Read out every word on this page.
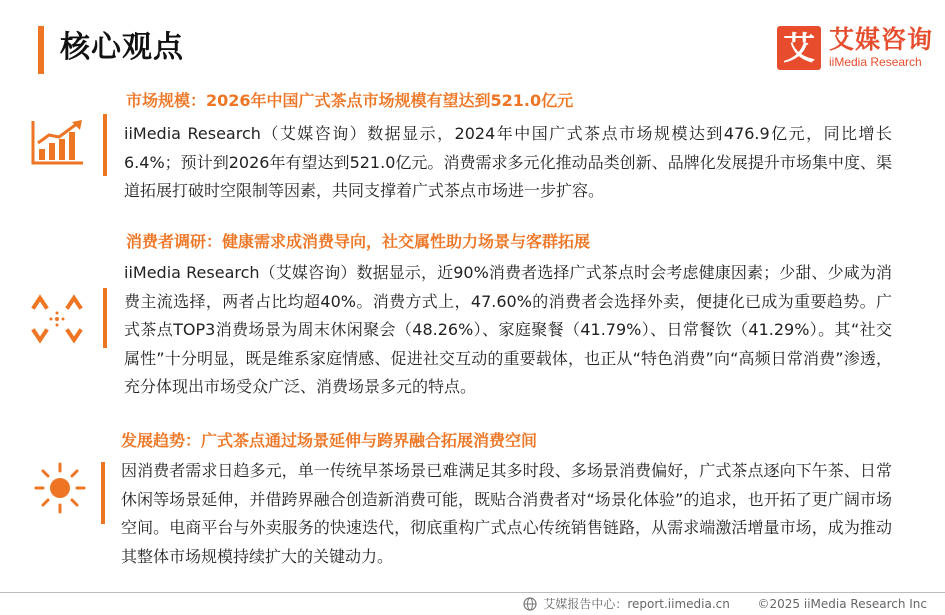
核心观点	艾 艾媒咨询
iiMedia Research
市场规模：2026年中国广式茶点市场规模有望达到521.0亿元

iiMedia Research（艾媒咨询）数据显示，2024年中国广式茶点市场规模达到476.9亿元，同比增长6.4%；预计到2026年有望达到521.0亿元。消费需求多元化推动品类创新、品牌化发展提升市场集中度、渠道拓展打破时空限制等因素，共同支撑着广式茶点市场进一步扩容。

消费者调研：健康需求成消费导向，社交属性助力场景与客群拓展

iiMedia Research（艾媒咨询）数据显示，近90%消费者选择广式茶点时会考虑健康因素；少甜、少咸为消费主流选择，两者占比均超40%。消费方式上，47.60%的消费者会选择外卖，便捷化已成为重要趋势。广式茶点TOP3消费场景为周末休闲聚会（48.26%）、家庭聚餐（41.79%）、日常餐饮（41.29%）。其“社交属性”十分明显，既是维系家庭情感、促进社交互动的重要载体，也正从“特色消费”向“高频日常消费”渗透，充分体现出市场受众广泛、消费场景多元的特点。

发展趋势：广式茶点通过场景延伸与跨界融合拓展消费空间

因消费者需求日趋多元，单一传统早茶场景已难满足其多时段、多场景消费偏好，广式茶点逐向下午茶、日常休闲等场景延伸，并借跨界融合创造新消费可能，既贴合消费者对“场景化体验”的追求，也开拓了更广阔市场空间。电商平台与外卖服务的快速迭代，彻底重构广式点心传统销售链路，从需求端激活增量市场，成为推动其整体市场规模持续扩大的关键动力。

艾媒报告中心：report.iimedia.cn ©2025 iiMedia Research Inc
